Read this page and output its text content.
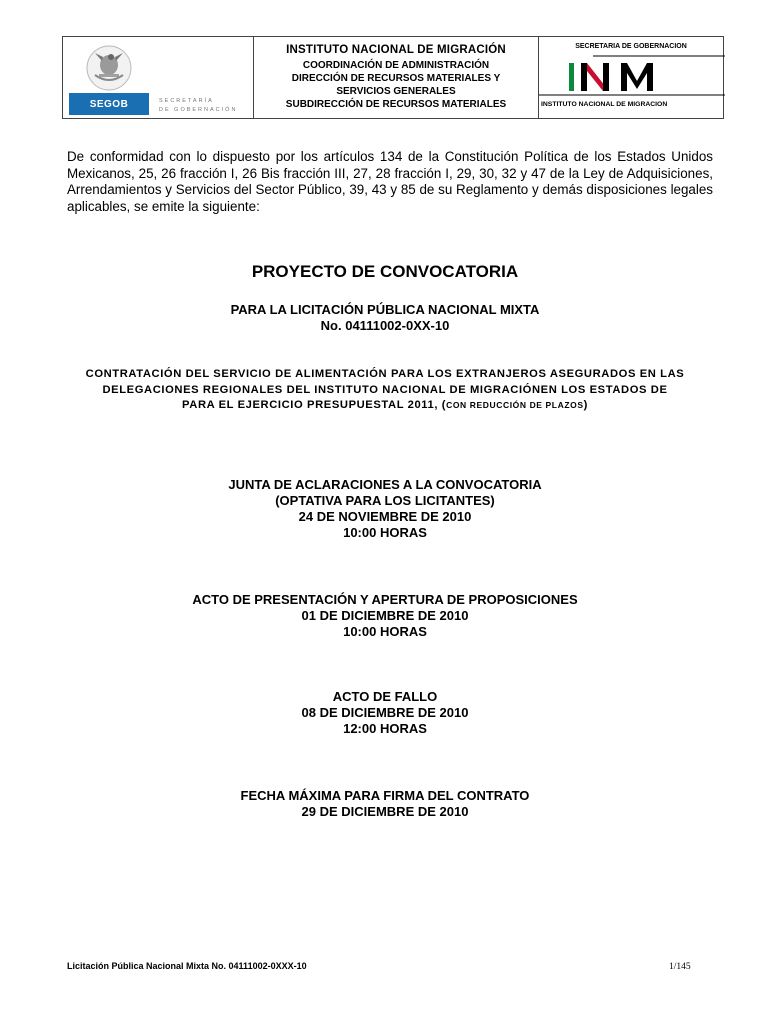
SEGOB	SECRETARÍA
DE GOBERNACIÓN
INSTITUTO NACIONAL DE MIGRACIÓN
COORDINACIÓN DE ADMINISTRACIÓN
DIRECCIÓN DE RECURSOS MATERIALES Y
SERVICIOS GENERALES
SUBDIRECCIÓN DE RECURSOS MATERIALES
SECRETARIA DE GOBERNACION
INSTITUTO NACIONAL DE MIGRACION
De conformidad con lo dispuesto por los artículos 134 de la Constitución Política de los Estados Unidos Mexicanos, 25, 26 fracción I, 26 Bis fracción III, 27, 28 fracción I, 29, 30, 32 y 47 de la Ley de Adquisiciones, Arrendamientos y Servicios del Sector Público, 39, 43 y 85 de su Reglamento y demás disposiciones legales aplicables, se emite la siguiente:
PROYECTO DE CONVOCATORIA
PARA LA LICITACIÓN PÚBLICA NACIONAL MIXTA
No. 04111002-0XX-10
CONTRATACIÓN DEL SERVICIO DE ALIMENTACIÓN PARA LOS EXTRANJEROS ASEGURADOS EN LAS
DELEGACIONES REGIONALES DEL INSTITUTO NACIONAL DE MIGRACIÓNEN LOS ESTADOS DE
PARA EL EJERCICIO PRESUPUESTAL 2011, (CON REDUCCIÓN DE PLAZOS)
JUNTA DE ACLARACIONES A LA CONVOCATORIA
(OPTATIVA PARA LOS LICITANTES)
24 DE NOVIEMBRE DE 2010
10:00 HORAS
ACTO DE PRESENTACIÓN Y APERTURA DE PROPOSICIONES
01 DE DICIEMBRE DE 2010
10:00 HORAS
ACTO DE FALLO
08 DE DICIEMBRE DE 2010
12:00 HORAS
FECHA MÁXIMA PARA FIRMA DEL CONTRATO
29 DE DICIEMBRE DE 2010
Licitación Pública Nacional Mixta No. 04111002-0XXX-10	1/145
